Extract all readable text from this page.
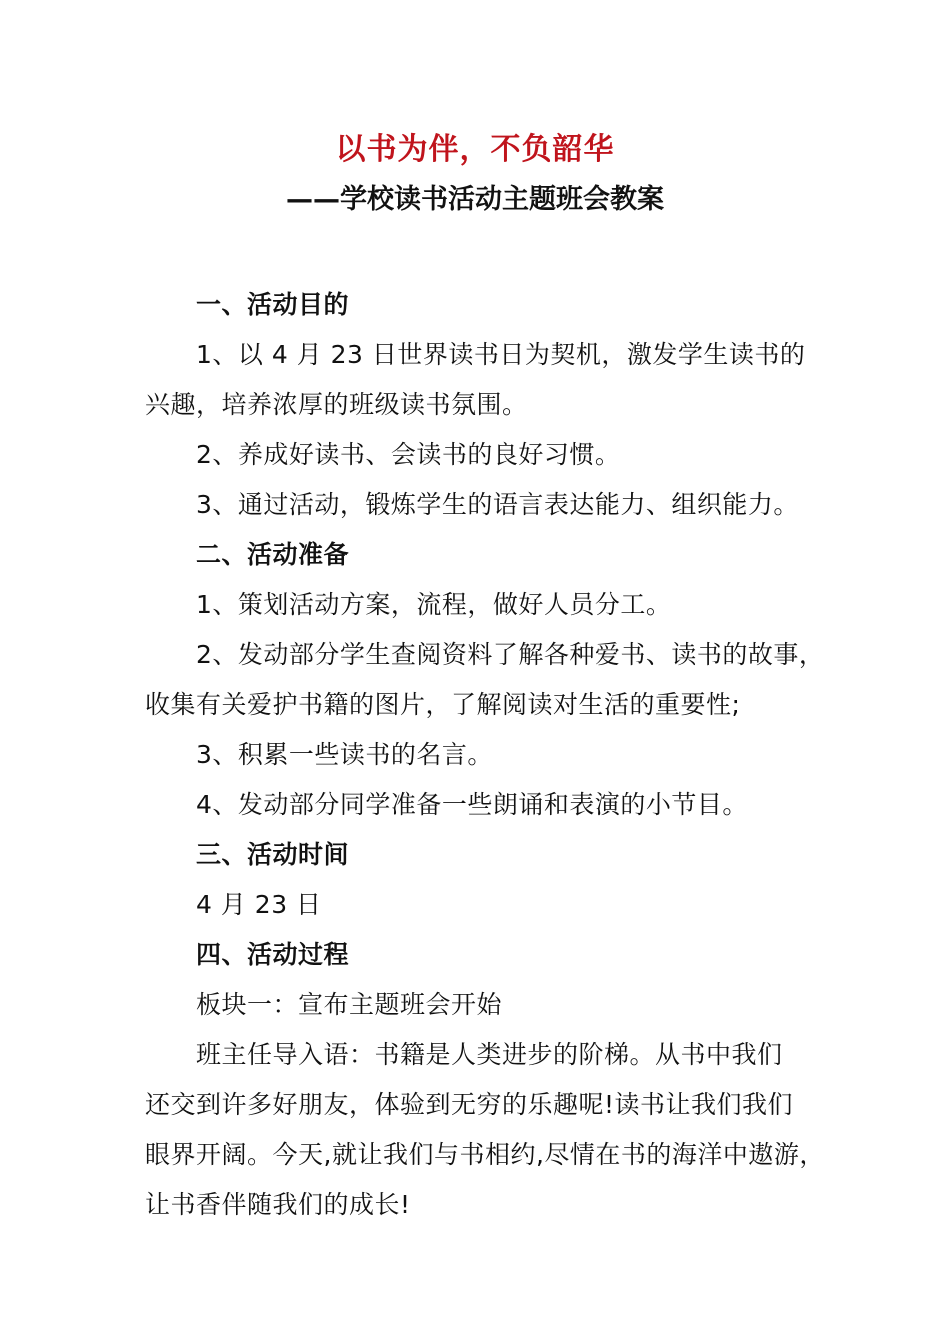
以书为伴，不负韶华
——学校读书活动主题班会教案
一、活动目的
1、以 4 月 23 日世界读书日为契机，激发学生读书的
兴趣，培养浓厚的班级读书氛围。
2、养成好读书、会读书的良好习惯。
3、通过活动，锻炼学生的语言表达能力、组织能力。
二、活动准备
1、策划活动方案，流程，做好人员分工。
2、发动部分学生查阅资料了解各种爱书、读书的故事，
收集有关爱护书籍的图片，了解阅读对生活的重要性;
3、积累一些读书的名言。
4、发动部分同学准备一些朗诵和表演的小节目。
三、活动时间
4 月 23 日
四、活动过程
板块一：宣布主题班会开始
班主任导入语：书籍是人类进步的阶梯。从书中我们
还交到许多好朋友，体验到无穷的乐趣呢!读书让我们我们
眼界开阔。今天,就让我们与书相约,尽情在书的海洋中遨游，
让书香伴随我们的成长!
